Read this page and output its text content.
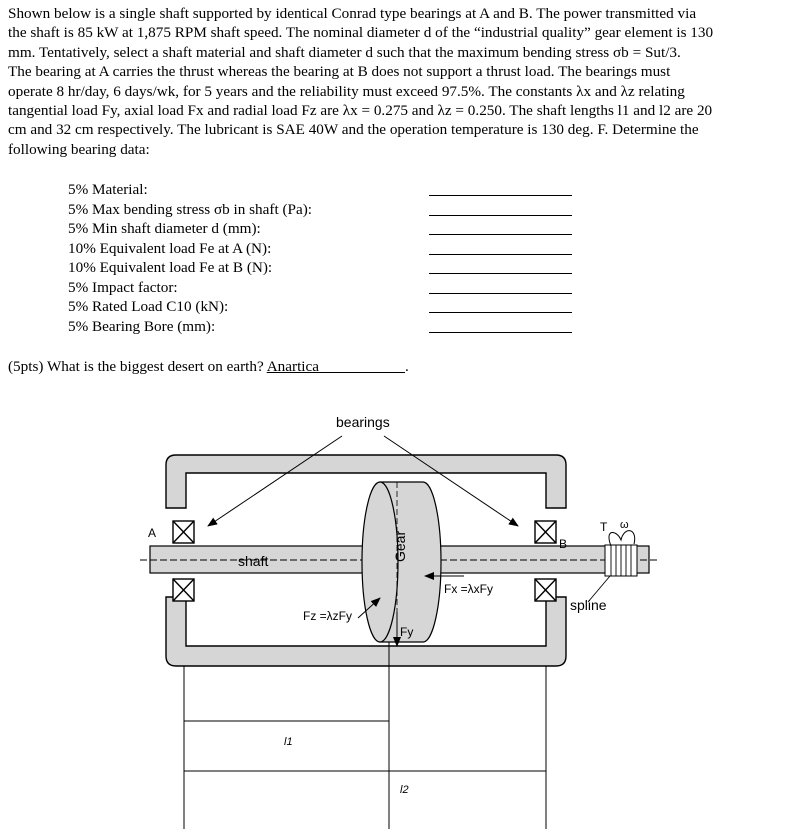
Shown below is a single shaft supported by identical Conrad type bearings at A and B. The power transmitted via
the shaft is 85 kW at 1,875 RPM shaft speed. The nominal diameter d of the “industrial quality” gear element is 130
mm. Tentatively, select a shaft material and shaft diameter d such that the maximum bending stress σb = Sut/3.
The bearing at A carries the thrust whereas the bearing at B does not support a thrust load. The bearings must
operate 8 hr/day, 6 days/wk, for 5 years and the reliability must exceed 97.5%. The constants λx and λz relating
tangential load Fy, axial load Fx and radial load Fz are λx = 0.275 and λz = 0.250. The shaft lengths l1 and l2 are 20
cm and 32 cm respectively. The lubricant is SAE 40W and the operation temperature is 130 deg. F. Determine the
following bearing data:

5% Material:
5% Max bending stress σb in shaft (Pa):
5% Min shaft diameter d (mm):
10% Equivalent load Fe at A (N):
10% Equivalent load Fe at B (N):
5% Impact factor:
5% Rated Load C10 (kN):
5% Bearing Bore (mm):
(5pts) What is the biggest desert on earth? Anartica	.
Gear
bearings
A
B
shaft
spline
T ω
Fx =λxFy
Fz =λzFy
Fy
l1
l2
